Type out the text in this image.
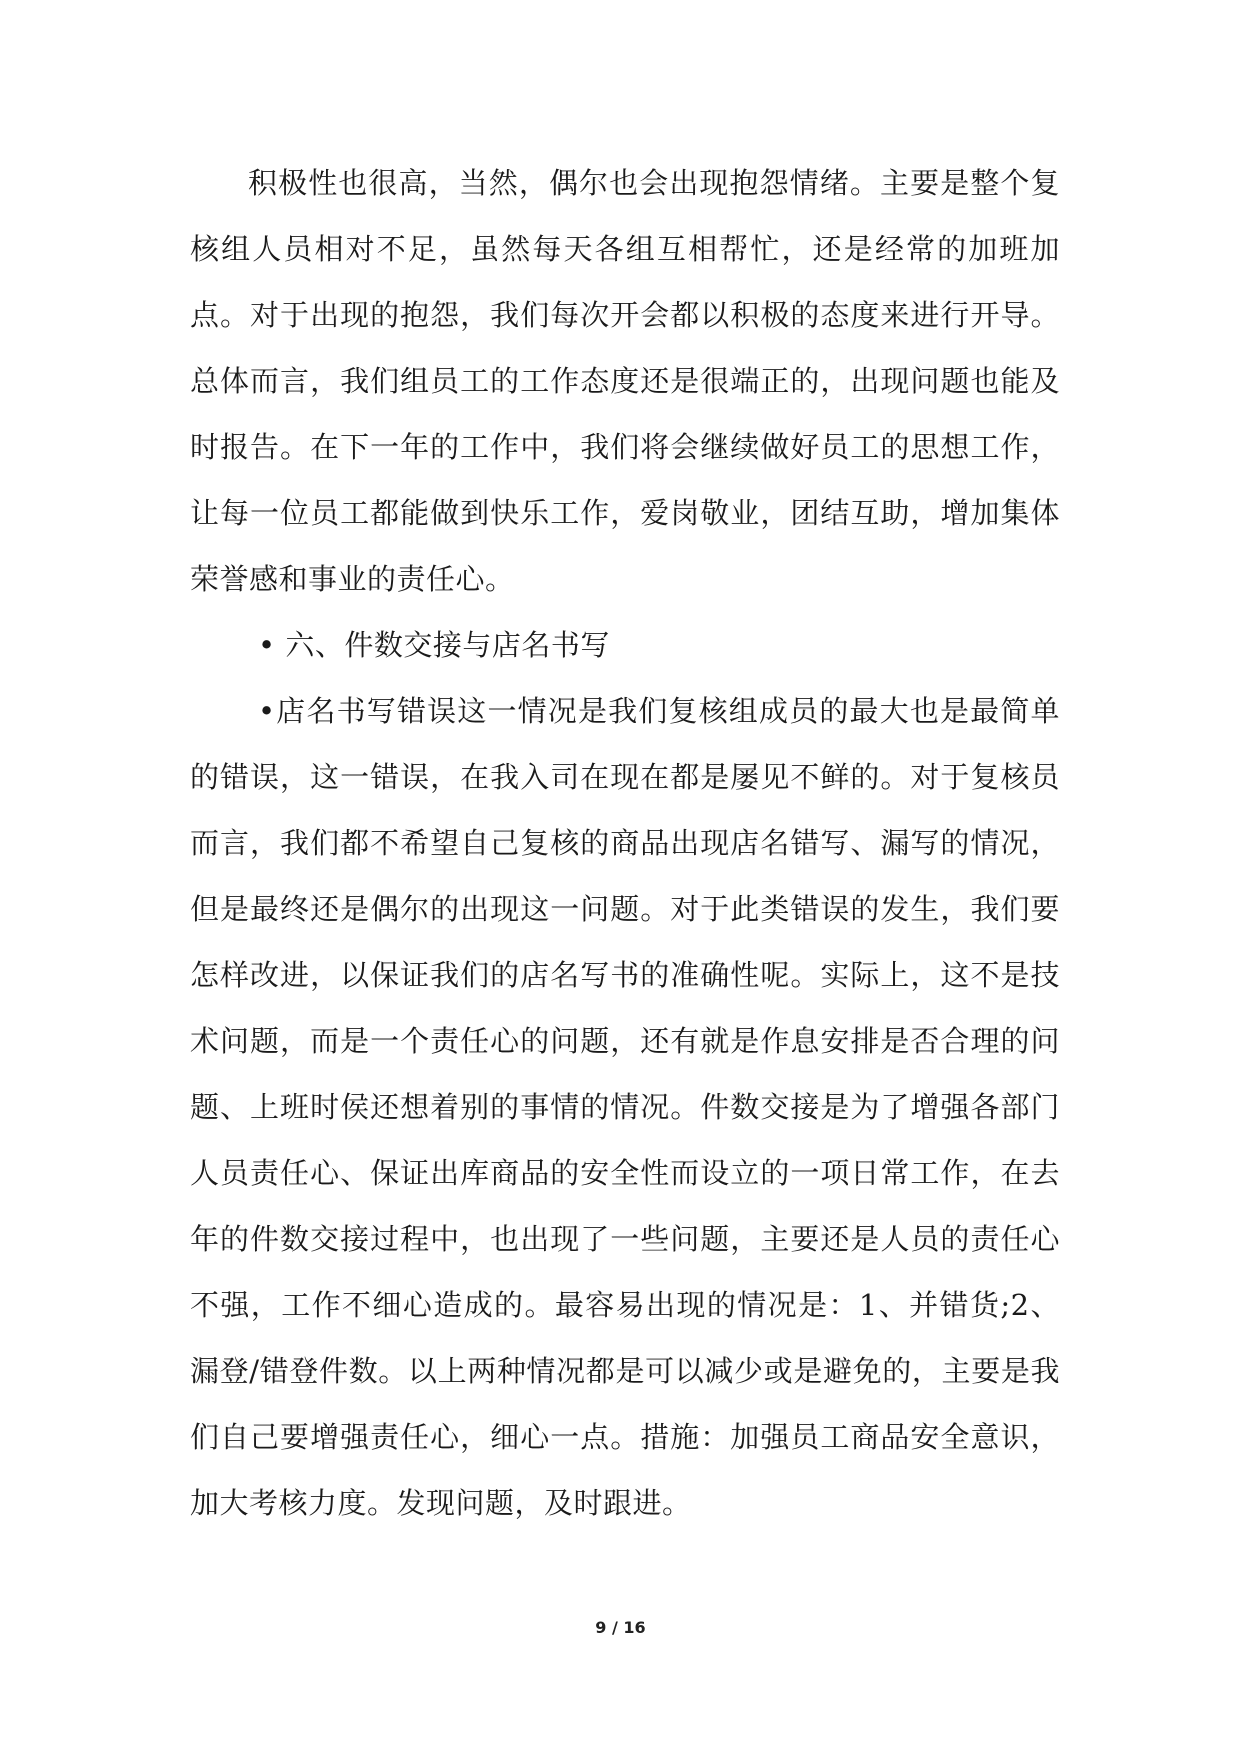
积极性也很高，当然，偶尔也会出现抱怨情绪。主要是整个复核组人员相对不足，虽然每天各组互相帮忙，还是经常的加班加点。对于出现的抱怨，我们每次开会都以积极的态度来进行开导。总体而言，我们组员工的工作态度还是很端正的，出现问题也能及时报告。在下一年的工作中，我们将会继续做好员工的思想工作，让每一位员工都能做到快乐工作，爱岗敬业，团结互助，增加集体荣誉感和事业的责任心。

• 六、件数交接与店名书写

•店名书写错误这一情况是我们复核组成员的最大也是最简单的错误，这一错误，在我入司在现在都是屡见不鲜的。对于复核员而言，我们都不希望自己复核的商品出现店名错写、漏写的情况，但是最终还是偶尔的出现这一问题。对于此类错误的发生，我们要怎样改进，以保证我们的店名写书的准确性呢。实际上，这不是技术问题，而是一个责任心的问题，还有就是作息安排是否合理的问题、上班时侯还想着别的事情的情况。件数交接是为了增强各部门人员责任心、保证出库商品的安全性而设立的一项日常工作，在去年的件数交接过程中，也出现了一些问题，主要还是人员的责任心不强，工作不细心造成的。最容易出现的情况是：1、并错货;2、漏登/错登件数。以上两种情况都是可以减少或是避免的，主要是我们自己要增强责任心，细心一点。措施：加强员工商品安全意识，加大考核力度。发现问题，及时跟进。

9 / 16
